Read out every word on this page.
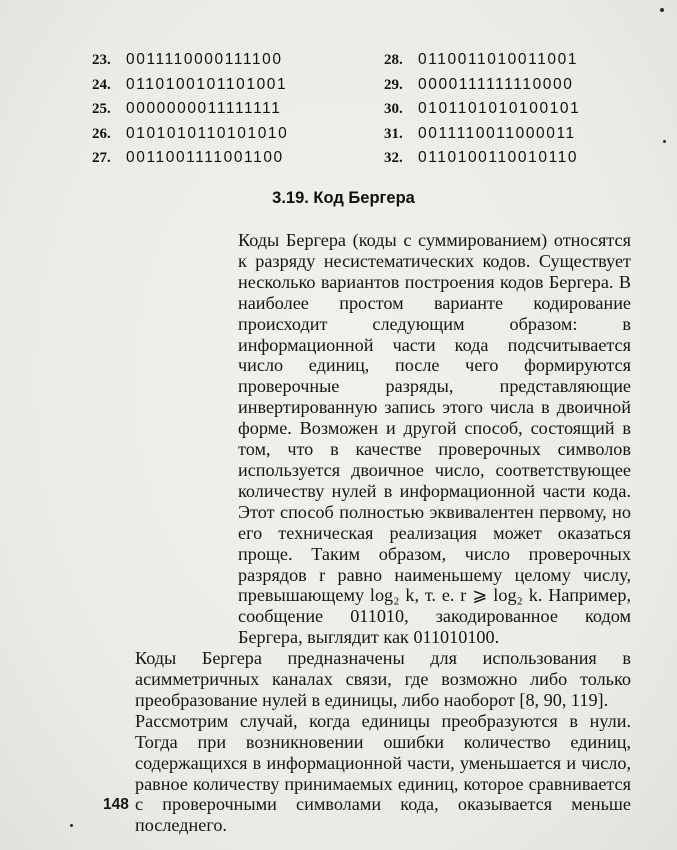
23. 0011110000111100
24. 0110100101101001
25. 0000000011111111
26. 0101010110101010
27. 0011001111001100
28. 0110011010011001
29. 0000111111110000
30. 0101101010100101
31. 0011110011000011
32. 0110100110010110
3.19. Код Бергера

Коды Бергера (коды с суммированием) относятся к разряду несистематических кодов. Существует несколько вариантов построения кодов Бергера. В наиболее простом варианте кодирование происходит следующим образом: в информационной части кода подсчитывается число единиц, после чего формируются проверочные разряды, представляющие инвертированную запись этого числа в двоичной форме. Возможен и другой способ, состоящий в том, что в качестве проверочных символов используется двоичное число, соответствующее количеству нулей в информационной части кода. Этот способ полностью эквивалентен первому, но его техническая реализация может оказаться проще. Таким образом, число проверочных разрядов r равно наименьшему целому числу, превышающему log₂ k, т. е. r ⩾ log₂ k. Например, сообщение 011010, закодированное кодом Бергера, выглядит как 011010100.

Коды Бергера предназначены для использования в асимметричных каналах связи, где возможно либо только преобразование нулей в единицы, либо наоборот [8, 90, 119].

Рассмотрим случай, когда единицы преобразуются в нули. Тогда при возникновении ошибки количество единиц, содержащихся в информационной части, уменьшается и число, равное количеству принимаемых единиц, которое сравнивается с проверочными символами кода, оказывается меньше последнего.

148
